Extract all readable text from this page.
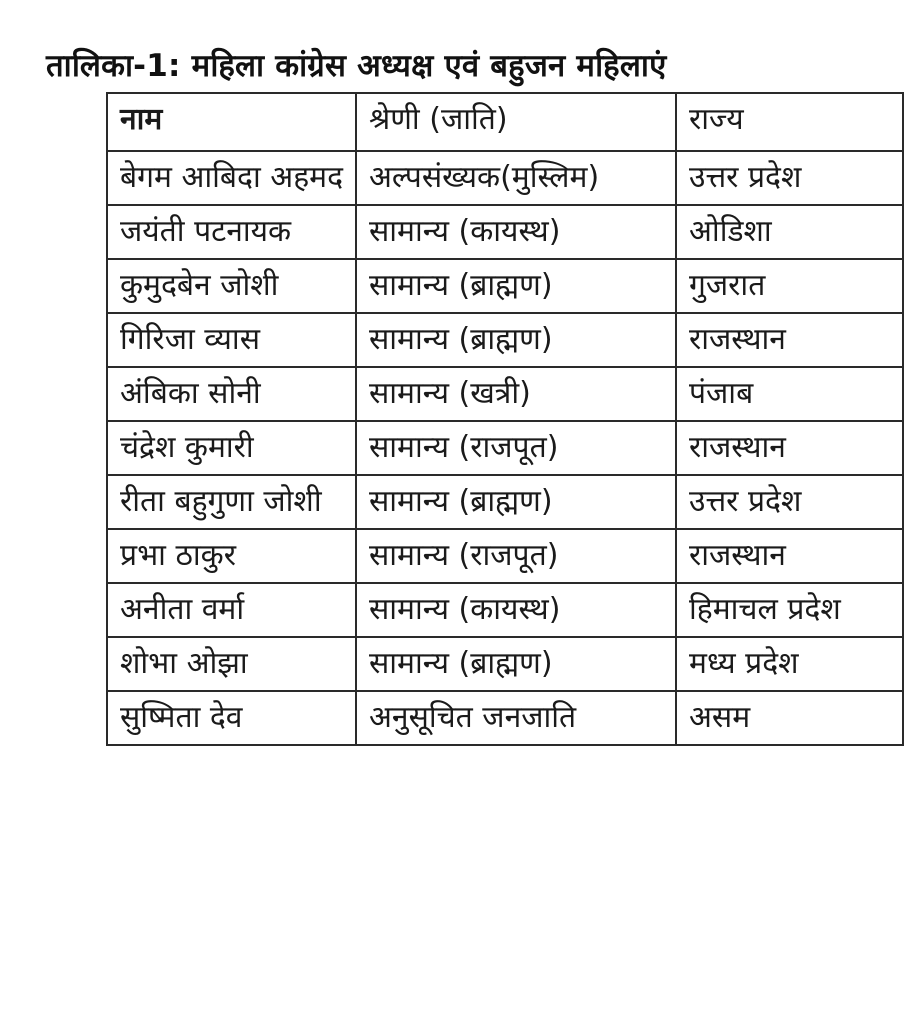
तालिका-1: महिला कांग्रेस अध्यक्ष एवं बहुजन महिलाएं
नाम	श्रेणी (जाति)	राज्य
बेगम आबिदा अहमद	अल्पसंख्यक(मुस्लिम)	उत्तर प्रदेश
जयंती पटनायक	सामान्य (कायस्थ)	ओडिशा
कुमुदबेन जोशी	सामान्य (ब्राह्मण)	गुजरात
गिरिजा व्यास	सामान्य (ब्राह्मण)	राजस्थान
अंबिका सोनी	सामान्य (खत्री)	पंजाब
चंद्रेश कुमारी	सामान्य (राजपूत)	राजस्थान
रीता बहुगुणा जोशी	सामान्य (ब्राह्मण)	उत्तर प्रदेश
प्रभा ठाकुर	सामान्य (राजपूत)	राजस्थान
अनीता वर्मा	सामान्य (कायस्थ)	हिमाचल प्रदेश
शोभा ओझा	सामान्य (ब्राह्मण)	मध्य प्रदेश
सुष्मिता देव	अनुसूचित जनजाति	असम
